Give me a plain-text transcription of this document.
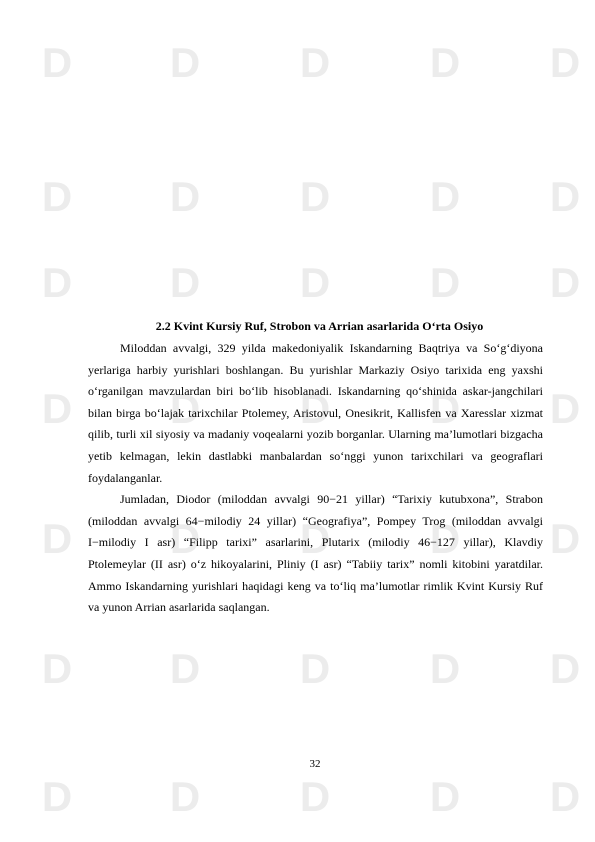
D	D	D	D	D
D	D	D	D	D
D	D	D	D	D
D	D	D	D	D
D	D	D	D	D
D	D	D	D	D
D	D	D	D	D
2.2 Kvint Kursiy Ruf, Strobon va Arrian asarlarida O‘rta Osiyo

Miloddan avvalgi, 329 yilda makedoniyalik Iskandarning Baqtriya va So‘g‘diyona yerlariga harbiy yurishlari boshlangan. Bu yurishlar Markaziy Osiyo tarixida eng yaxshi o‘rganilgan mavzulardan biri bo‘lib hisoblanadi. Iskandarning qo‘shinida askar-jangchilari bilan birga bo‘lajak tarixchilar Ptolemey, Aristovul, Onesikrit, Kallisfen va Xaresslar xizmat qilib, turli xil siyosiy va madaniy voqealarni yozib borganlar. Ularning ma’lumotlari bizgacha yetib kelmagan, lekin dastlabki manbalardan so‘nggi yunon tarixchilari va geograflari foydalanganlar.

Jumladan, Diodor (miloddan avvalgi 90−21 yillar) “Tarixiy kutubxona”, Strabon (miloddan avvalgi 64−milodiy 24 yillar) “Geografiya”, Pompey Trog (miloddan avvalgi I−milodiy I asr) “Filipp tarixi” asarlarini, Plutarix (milodiy 46−127 yillar), Klavdiy Ptolemeylar (II asr) o‘z hikoyalarini, Pliniy (I asr) “Tabiiy tarix” nomli kitobini yaratdilar. Ammo Iskandarning yurishlari haqidagi keng va to‘liq ma’lumotlar rimlik Kvint Kursiy Ruf va yunon Arrian asarlarida saqlangan.

32
